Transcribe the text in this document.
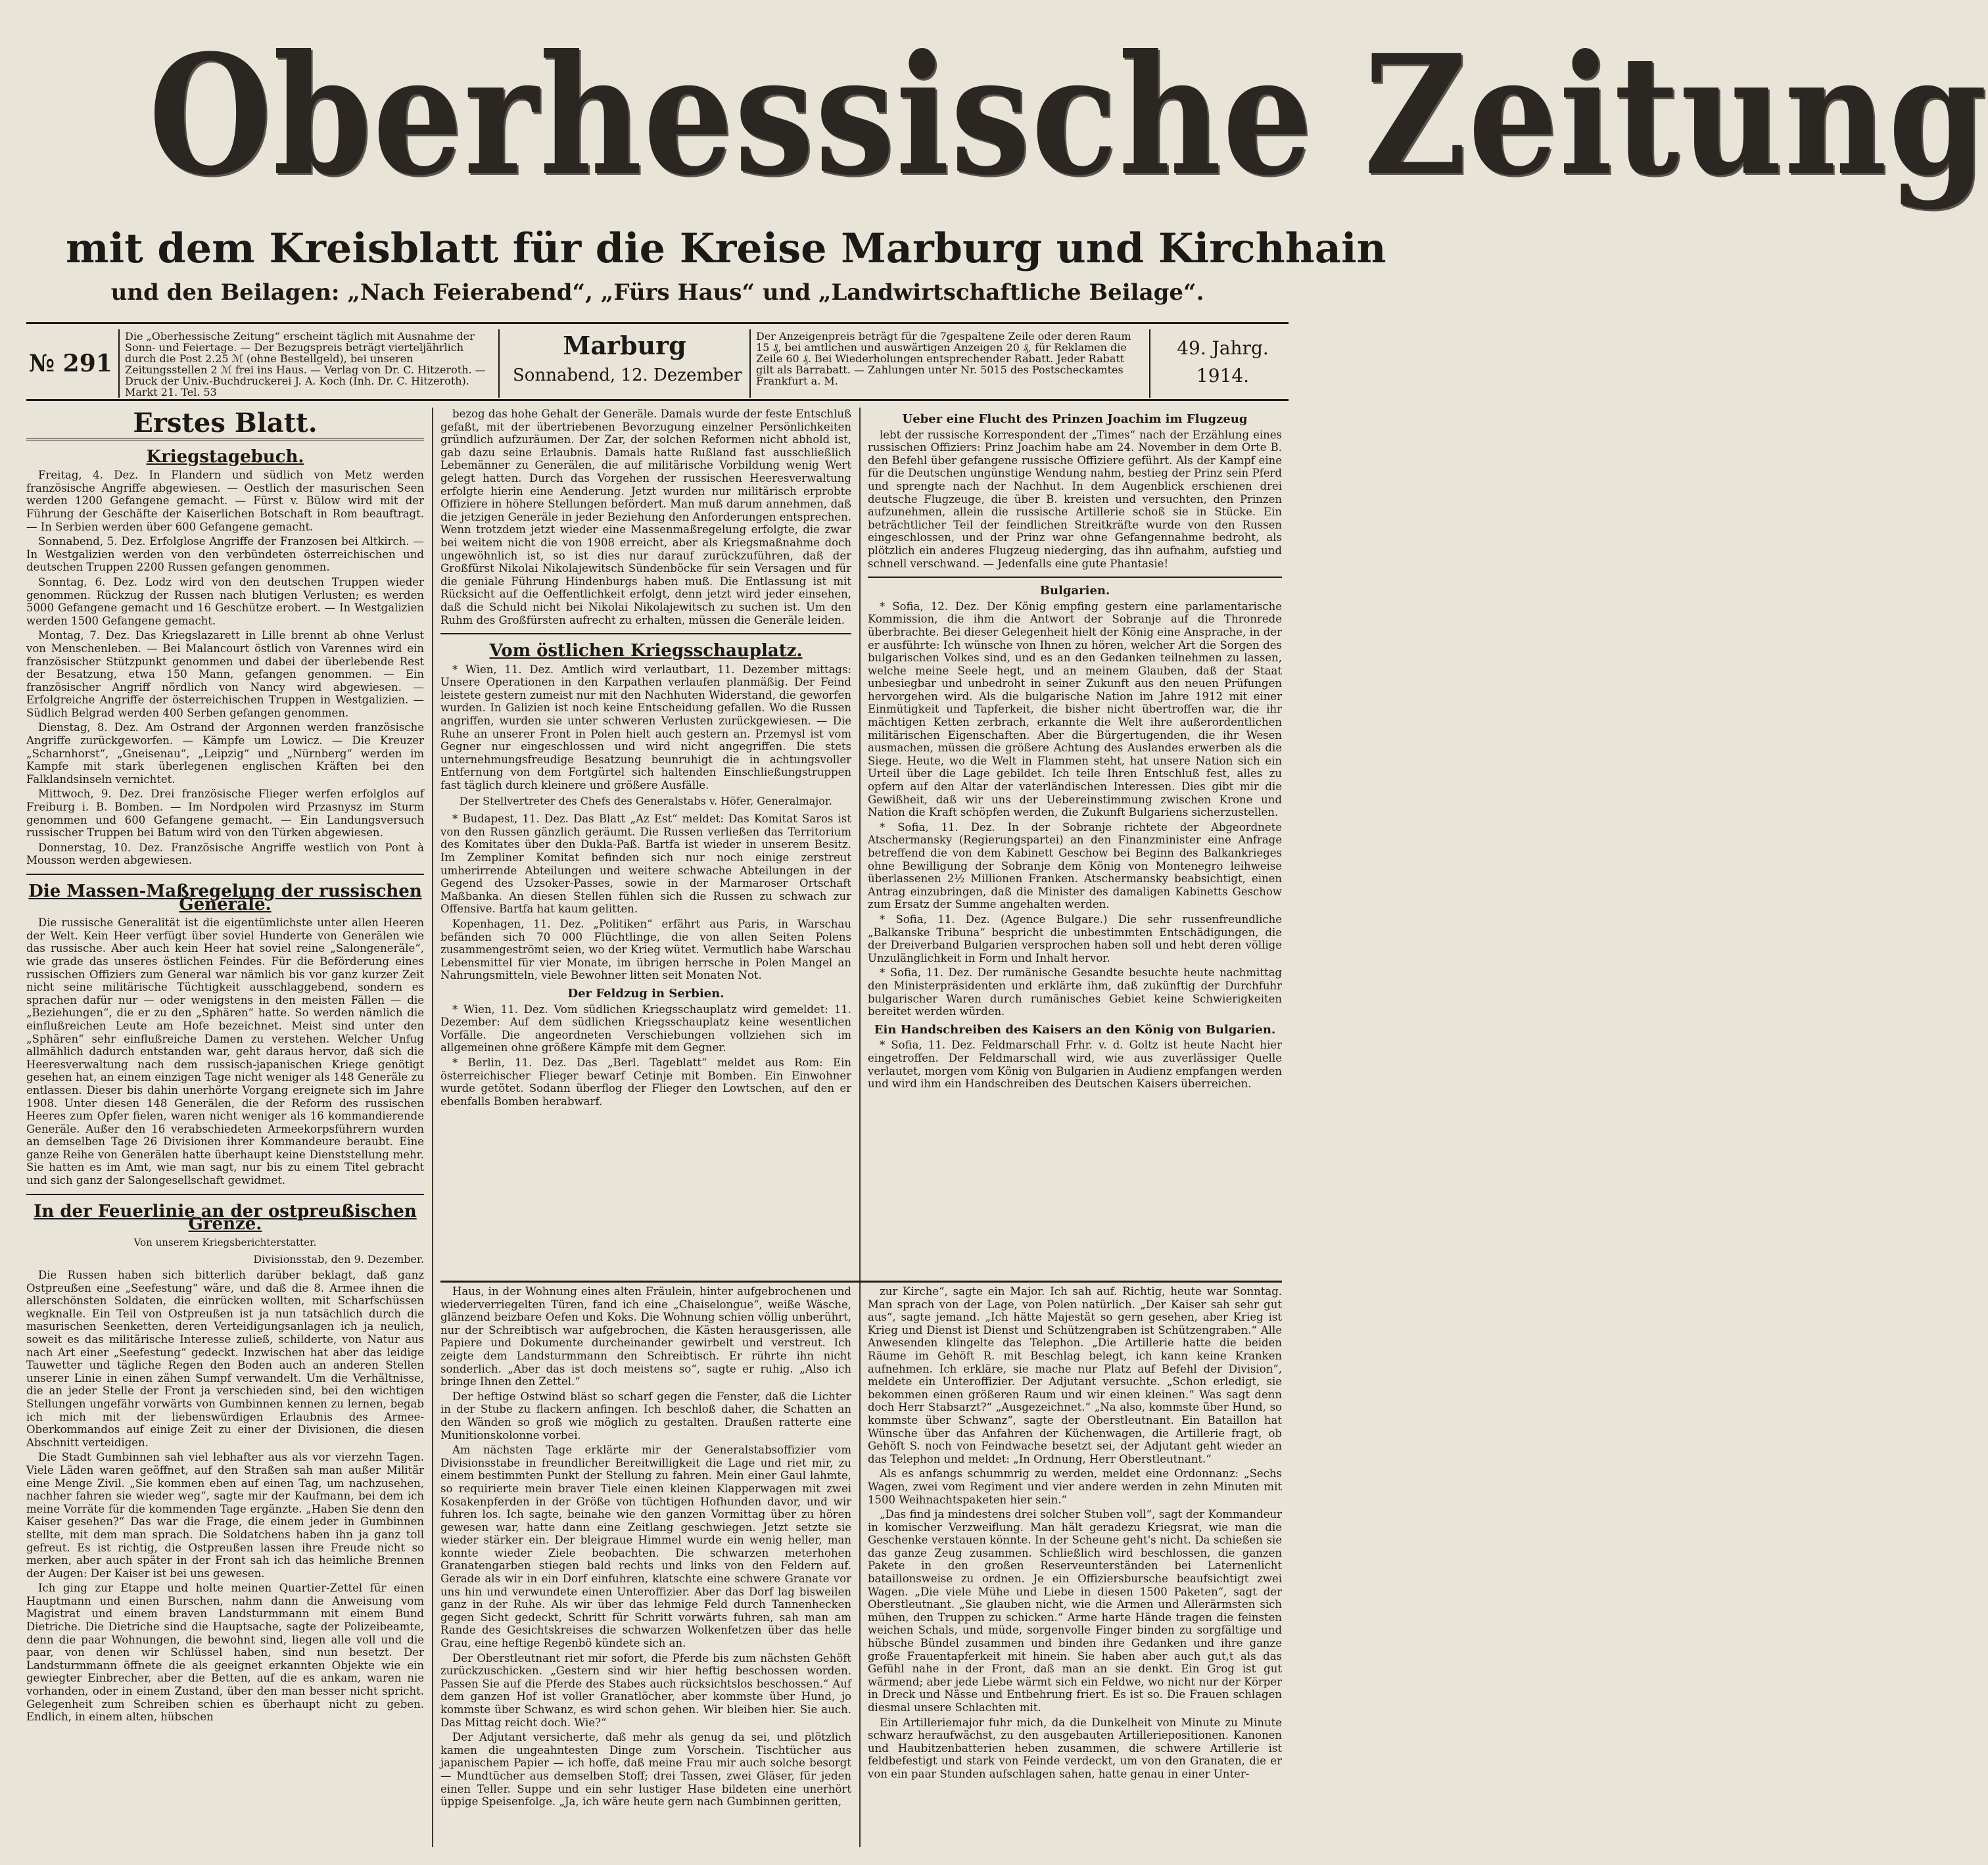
Oberhessische Zeitung
mit dem Kreisblatt für die Kreise Marburg und Kirchhain
und den Beilagen: „Nach Feierabend“, „Fürs Haus“ und „Landwirtschaftliche Beilage“.
№ 291
Die „Oberhessische Zeitung“ erscheint täglich mit Ausnahme der Sonn- und Feiertage. — Der Bezugspreis beträgt vierteljährlich durch die Post 2.25 ℳ (ohne Bestellgeld), bei unseren Zeitungsstellen 2 ℳ frei ins Haus. — Verlag von Dr. C. Hitzeroth. — Druck der Univ.-Buchdruckerei J. A. Koch (Inh. Dr. C. Hitzeroth). Markt 21. Tel. 53
Marburg
Sonnabend, 12. Dezember
Der Anzeigenpreis beträgt für die 7gespaltene Zeile oder deren Raum 15 ₰, bei amtlichen und auswärtigen Anzeigen 20 ₰, für Reklamen die Zeile 60 ₰. Bei Wiederholungen entsprechender Rabatt. Jeder Rabatt gilt als Barrabatt. — Zahlungen unter Nr. 5015 des Postscheckamtes Frankfurt a. M.
49. Jahrg.
1914.
Erstes Blatt.
Kriegstagebuch.

Freitag, 4. Dez. In Flandern und südlich von Metz werden französische Angriffe abgewiesen. — Oestlich der masurischen Seen werden 1200 Gefangene gemacht. — Fürst v. Bülow wird mit der Führung der Geschäfte der Kaiserlichen Botschaft in Rom beauftragt. — In Serbien werden über 600 Gefangene gemacht.

Sonnabend, 5. Dez. Erfolglose Angriffe der Franzosen bei Altkirch. — In Westgalizien werden von den verbündeten österreichischen und deutschen Truppen 2200 Russen gefangen genommen.

Sonntag, 6. Dez. Lodz wird von den deutschen Truppen wieder genommen. Rückzug der Russen nach blutigen Verlusten; es werden 5000 Gefangene gemacht und 16 Geschütze erobert. — In Westgalizien werden 1500 Gefangene gemacht.

Montag, 7. Dez. Das Kriegslazarett in Lille brennt ab ohne Verlust von Menschenleben. — Bei Malancourt östlich von Varennes wird ein französischer Stützpunkt genommen und dabei der überlebende Rest der Besatzung, etwa 150 Mann, gefangen genommen. — Ein französischer Angriff nördlich von Nancy wird abgewiesen. — Erfolgreiche Angriffe der österreichischen Truppen in Westgalizien. — Südlich Belgrad werden 400 Serben gefangen genommen.

Dienstag, 8. Dez. Am Ostrand der Argonnen werden französische Angriffe zurückgeworfen. — Kämpfe um Lowicz. — Die Kreuzer „Scharnhorst“, „Gneisenau“, „Leipzig“ und „Nürnberg“ werden im Kampfe mit stark überlegenen englischen Kräften bei den Falklandsinseln vernichtet.

Mittwoch, 9. Dez. Drei französische Flieger werfen erfolglos auf Freiburg i. B. Bomben. — Im Nordpolen wird Przasnysz im Sturm genommen und 600 Gefangene gemacht. — Ein Landungsversuch russischer Truppen bei Batum wird von den Türken abgewiesen.

Donnerstag, 10. Dez. Französische Angriffe westlich von Pont à Mousson werden abgewiesen.

Die Massen-Maßregelung der russischen Generäle.

Die russische Generalität ist die eigentümlichste unter allen Heeren der Welt. Kein Heer verfügt über soviel Hunderte von Generälen wie das russische. Aber auch kein Heer hat soviel reine „Salongeneräle“, wie grade das unseres östlichen Feindes. Für die Beförderung eines russischen Offiziers zum General war nämlich bis vor ganz kurzer Zeit nicht seine militärische Tüchtigkeit ausschlaggebend, sondern es sprachen dafür nur — oder wenigstens in den meisten Fällen — die „Beziehungen“, die er zu den „Sphären“ hatte. So werden nämlich die einflußreichen Leute am Hofe bezeichnet. Meist sind unter den „Sphären“ sehr einflußreiche Damen zu verstehen. Welcher Unfug allmählich dadurch entstanden war, geht daraus hervor, daß sich die Heeresverwaltung nach dem russisch-japanischen Kriege genötigt gesehen hat, an einem einzigen Tage nicht weniger als 148 Generäle zu entlassen. Dieser bis dahin unerhörte Vorgang ereignete sich im Jahre 1908. Unter diesen 148 Generälen, die der Reform des russischen Heeres zum Opfer fielen, waren nicht weniger als 16 kommandierende Generäle. Außer den 16 verabschiedeten Armeekorpsführern wurden an demselben Tage 26 Divisionen ihrer Kommandeure beraubt. Eine ganze Reihe von Generälen hatte überhaupt keine Dienststellung mehr. Sie hatten es im Amt, wie man sagt, nur bis zu einem Titel gebracht und sich ganz der Salongesellschaft gewidmet.

In der Feuerlinie an der ostpreußischen Grenze.
Von unserem Kriegsberichterstatter.
Divisionsstab, den 9. Dezember.

Die Russen haben sich bitterlich darüber beklagt, daß ganz Ostpreußen eine „Seefestung“ wäre, und daß die 8. Armee ihnen die allerschönsten Soldaten, die einrücken wollten, mit Scharfschüssen wegknalle. Ein Teil von Ostpreußen ist ja nun tatsächlich durch die masurischen Seenketten, deren Verteidigungsanlagen ich ja neulich, soweit es das militärische Interesse zuließ, schilderte, von Natur aus nach Art einer „Seefestung“ gedeckt. Inzwischen hat aber das leidige Tauwetter und tägliche Regen den Boden auch an anderen Stellen unserer Linie in einen zähen Sumpf verwandelt. Um die Verhältnisse, die an jeder Stelle der Front ja verschieden sind, bei den wichtigen Stellungen ungefähr vorwärts von Gumbinnen kennen zu lernen, begab ich mich mit der liebenswürdigen Erlaubnis des Armee-Oberkommandos auf einige Zeit zu einer der Divisionen, die diesen Abschnitt verteidigen.

Die Stadt Gumbinnen sah viel lebhafter aus als vor vierzehn Tagen. Viele Läden waren geöffnet, auf den Straßen sah man außer Militär eine Menge Zivil. „Sie kommen eben auf einen Tag, um nachzusehen, nachher fahren sie wieder weg“, sagte mir der Kaufmann, bei dem ich meine Vorräte für die kommenden Tage ergänzte. „Haben Sie denn den Kaiser gesehen?“ Das war die Frage, die einem jeder in Gumbinnen stellte, mit dem man sprach. Die Soldatchens haben ihn ja ganz toll gefreut. Es ist richtig, die Ostpreußen lassen ihre Freude nicht so merken, aber auch später in der Front sah ich das heimliche Brennen der Augen: Der Kaiser ist bei uns gewesen.

Ich ging zur Etappe und holte meinen Quartier-Zettel für einen Hauptmann und einen Burschen, nahm dann die Anweisung vom Magistrat und einem braven Landsturmmann mit einem Bund Dietriche. Die Dietriche sind die Hauptsache, sagte der Polizeibeamte, denn die paar Wohnungen, die bewohnt sind, liegen alle voll und die paar, von denen wir Schlüssel haben, sind nun besetzt. Der Landsturmmann öffnete die als geeignet erkannten Objekte wie ein gewiegter Einbrecher, aber die Betten, auf die es ankam, waren nie vorhanden, oder in einem Zustand, über den man besser nicht spricht. Gelegenheit zum Schreiben schien es überhaupt nicht zu geben. Endlich, in einem alten, hübschen

bezog das hohe Gehalt der Generäle. Damals wurde der feste Entschluß gefaßt, mit der übertriebenen Bevorzugung einzelner Persönlichkeiten gründlich aufzuräumen. Der Zar, der solchen Reformen nicht abhold ist, gab dazu seine Erlaubnis. Damals hatte Rußland fast ausschließlich Lebemänner zu Generälen, die auf militärische Vorbildung wenig Wert gelegt hatten. Durch das Vorgehen der russischen Heeresverwaltung erfolgte hierin eine Aenderung. Jetzt wurden nur militärisch erprobte Offiziere in höhere Stellungen befördert. Man muß darum annehmen, daß die jetzigen Generäle in jeder Beziehung den Anforderungen entsprechen. Wenn trotzdem jetzt wieder eine Massenmaßregelung erfolgte, die zwar bei weitem nicht die von 1908 erreicht, aber als Kriegsmaßnahme doch ungewöhnlich ist, so ist dies nur darauf zurückzuführen, daß der Großfürst Nikolai Nikolajewitsch Sündenböcke für sein Versagen und für die geniale Führung Hindenburgs haben muß. Die Entlassung ist mit Rücksicht auf die Oeffentlichkeit erfolgt, denn jetzt wird jeder einsehen, daß die Schuld nicht bei Nikolai Nikolajewitsch zu suchen ist. Um den Ruhm des Großfürsten aufrecht zu erhalten, müssen die Generäle leiden.

Vom östlichen Kriegsschauplatz.

* Wien, 11. Dez. Amtlich wird verlautbart, 11. Dezember mittags: Unsere Operationen in den Karpathen verlaufen planmäßig. Der Feind leistete gestern zumeist nur mit den Nachhuten Widerstand, die geworfen wurden. In Galizien ist noch keine Entscheidung gefallen. Wo die Russen angriffen, wurden sie unter schweren Verlusten zurückgewiesen. — Die Ruhe an unserer Front in Polen hielt auch gestern an. Przemysl ist vom Gegner nur eingeschlossen und wird nicht angegriffen. Die stets unternehmungsfreudige Besatzung beunruhigt die in achtungsvoller Entfernung von dem Fortgürtel sich haltenden Einschließungstruppen fast täglich durch kleinere und größere Ausfälle.

Der Stellvertreter des Chefs des Generalstabs v. Höfer, Generalmajor.

* Budapest, 11. Dez. Das Blatt „Az Est“ meldet: Das Komitat Saros ist von den Russen gänzlich geräumt. Die Russen verließen das Territorium des Komitates über den Dukla-Paß. Bartfa ist wieder in unserem Besitz. Im Zempliner Komitat befinden sich nur noch einige zerstreut umherirrende Abteilungen und weitere schwache Abteilungen in der Gegend des Uzsoker-Passes, sowie in der Marmaroser Ortschaft Maßbanka. An diesen Stellen fühlen sich die Russen zu schwach zur Offensive. Bartfa hat kaum gelitten.

Kopenhagen, 11. Dez. „Politiken“ erfährt aus Paris, in Warschau befänden sich 70 000 Flüchtlinge, die von allen Seiten Polens zusammengeströmt seien, wo der Krieg wütet. Vermutlich habe Warschau Lebensmittel für vier Monate, im übrigen herrsche in Polen Mangel an Nahrungsmitteln, viele Bewohner litten seit Monaten Not.

Der Feldzug in Serbien.

* Wien, 11. Dez. Vom südlichen Kriegsschauplatz wird gemeldet: 11. Dezember: Auf dem südlichen Kriegsschauplatz keine wesentlichen Vorfälle. Die angeordneten Verschiebungen vollziehen sich im allgemeinen ohne größere Kämpfe mit dem Gegner.

* Berlin, 11. Dez. Das „Berl. Tageblatt“ meldet aus Rom: Ein österreichischer Flieger bewarf Cetinje mit Bomben. Ein Einwohner wurde getötet. Sodann überflog der Flieger den Lowtschen, auf den er ebenfalls Bomben herabwarf.

Ueber eine Flucht des Prinzen Joachim im Flugzeug

lebt der russische Korrespondent der „Times“ nach der Erzählung eines russischen Offiziers: Prinz Joachim habe am 24. November in dem Orte B. den Befehl über gefangene russische Offiziere geführt. Als der Kampf eine für die Deutschen ungünstige Wendung nahm, bestieg der Prinz sein Pferd und sprengte nach der Nachhut. In dem Augenblick erschienen drei deutsche Flugzeuge, die über B. kreisten und versuchten, den Prinzen aufzunehmen, allein die russische Artillerie schoß sie in Stücke. Ein beträchtlicher Teil der feindlichen Streitkräfte wurde von den Russen eingeschlossen, und der Prinz war ohne Gefangennahme bedroht, als plötzlich ein anderes Flugzeug niederging, das ihn aufnahm, aufstieg und schnell verschwand. — Jedenfalls eine gute Phantasie!

Bulgarien.

* Sofia, 12. Dez. Der König empfing gestern eine parlamentarische Kommission, die ihm die Antwort der Sobranje auf die Thronrede überbrachte. Bei dieser Gelegenheit hielt der König eine Ansprache, in der er ausführte: Ich wünsche von Ihnen zu hören, welcher Art die Sorgen des bulgarischen Volkes sind, und es an den Gedanken teilnehmen zu lassen, welche meine Seele hegt, und an meinem Glauben, daß der Staat unbesiegbar und unbedroht in seiner Zukunft aus den neuen Prüfungen hervorgehen wird. Als die bulgarische Nation im Jahre 1912 mit einer Einmütigkeit und Tapferkeit, die bisher nicht übertroffen war, die ihr mächtigen Ketten zerbrach, erkannte die Welt ihre außerordentlichen militärischen Eigenschaften. Aber die Bürgertugenden, die ihr Wesen ausmachen, müssen die größere Achtung des Auslandes erwerben als die Siege. Heute, wo die Welt in Flammen steht, hat unsere Nation sich ein Urteil über die Lage gebildet. Ich teile Ihren Entschluß fest, alles zu opfern auf den Altar der vaterländischen Interessen. Dies gibt mir die Gewißheit, daß wir uns der Uebereinstimmung zwischen Krone und Nation die Kraft schöpfen werden, die Zukunft Bulgariens sicherzustellen.

* Sofia, 11. Dez. In der Sobranje richtete der Abgeordnete Atschermansky (Regierungspartei) an den Finanzminister eine Anfrage betreffend die von dem Kabinett Geschow bei Beginn des Balkankrieges ohne Bewilligung der Sobranje dem König von Montenegro leihweise überlassenen 2½ Millionen Franken. Atschermansky beabsichtigt, einen Antrag einzubringen, daß die Minister des damaligen Kabinetts Geschow zum Ersatz der Summe angehalten werden.

* Sofia, 11. Dez. (Agence Bulgare.) Die sehr russenfreundliche „Balkanske Tribuna“ bespricht die unbestimmten Entschädigungen, die der Dreiverband Bulgarien versprochen haben soll und hebt deren völlige Unzulänglichkeit in Form und Inhalt hervor.

* Sofia, 11. Dez. Der rumänische Gesandte besuchte heute nachmittag den Ministerpräsidenten und erklärte ihm, daß zukünftig der Durchfuhr bulgarischer Waren durch rumänisches Gebiet keine Schwierigkeiten bereitet werden würden.

Ein Handschreiben des Kaisers an den König von Bulgarien.

* Sofia, 11. Dez. Feldmarschall Frhr. v. d. Goltz ist heute Nacht hier eingetroffen. Der Feldmarschall wird, wie aus zuverlässiger Quelle verlautet, morgen vom König von Bulgarien in Audienz empfangen werden und wird ihm ein Handschreiben des Deutschen Kaisers überreichen.

Haus, in der Wohnung eines alten Fräulein, hinter aufgebrochenen und wiederverriegelten Türen, fand ich eine „Chaiselongue“, weiße Wäsche, glänzend beizbare Oefen und Koks. Die Wohnung schien völlig unberührt, nur der Schreibtisch war aufgebrochen, die Kästen herausgerissen, alle Papiere und Dokumente durcheinander gewirbelt und verstreut. Ich zeigte dem Landsturmmann den Schreibtisch. Er rührte ihn nicht sonderlich. „Aber das ist doch meistens so“, sagte er ruhig. „Also ich bringe Ihnen den Zettel.“

Der heftige Ostwind bläst so scharf gegen die Fenster, daß die Lichter in der Stube zu flackern anfingen. Ich beschloß daher, die Schatten an den Wänden so groß wie möglich zu gestalten. Draußen ratterte eine Munitionskolonne vorbei.

Am nächsten Tage erklärte mir der Generalstabsoffizier vom Divisionsstabe in freundlicher Bereitwilligkeit die Lage und riet mir, zu einem bestimmten Punkt der Stellung zu fahren. Mein einer Gaul lahmte, so requirierte mein braver Tiele einen kleinen Klapperwagen mit zwei Kosakenpferden in der Größe von tüchtigen Hofhunden davor, und wir fuhren los. Ich sagte, beinahe wie den ganzen Vormittag über zu hören gewesen war, hatte dann eine Zeitlang geschwiegen. Jetzt setzte sie wieder stärker ein. Der bleigraue Himmel wurde ein wenig heller, man konnte wieder Ziele beobachten. Die schwarzen meterhohen Granatengarben stiegen bald rechts und links von den Feldern auf. Gerade als wir in ein Dorf einfuhren, klatschte eine schwere Granate vor uns hin und verwundete einen Unteroffizier. Aber das Dorf lag bisweilen ganz in der Ruhe. Als wir über das lehmige Feld durch Tannenhecken gegen Sicht gedeckt, Schritt für Schritt vorwärts fuhren, sah man am Rande des Gesichtskreises die schwarzen Wolkenfetzen über das helle Grau, eine heftige Regenbö kündete sich an.

Der Oberstleutnant riet mir sofort, die Pferde bis zum nächsten Gehöft zurückzuschicken. „Gestern sind wir hier heftig beschossen worden. Passen Sie auf die Pferde des Stabes auch rücksichtslos beschossen.“ Auf dem ganzen Hof ist voller Granatlöcher, aber kommste über Hund, jo kommste über Schwanz, es wird schon gehen. Wir bleiben hier. Sie auch. Das Mittag reicht doch. Wie?“

Der Adjutant versicherte, daß mehr als genug da sei, und plötzlich kamen die ungeahntesten Dinge zum Vorschein. Tischtücher aus japanischem Papier — ich hoffe, daß meine Frau mir auch solche besorgt — Mundtücher aus demselben Stoff; drei Tassen, zwei Gläser, für jeden einen Teller. Suppe und ein sehr lustiger Hase bildeten eine unerhört üppige Speisenfolge. „Ja, ich wäre heute gern nach Gumbinnen geritten,

zur Kirche“, sagte ein Major. Ich sah auf. Richtig, heute war Sonntag. Man sprach von der Lage, von Polen natürlich. „Der Kaiser sah sehr gut aus“, sagte jemand. „Ich hätte Majestät so gern gesehen, aber Krieg ist Krieg und Dienst ist Dienst und Schützengraben ist Schützengraben.“ Alle Anwesenden klingelte das Telephon. „Die Artillerie hatte die beiden Räume im Gehöft R. mit Beschlag belegt, ich kann keine Kranken aufnehmen. Ich erkläre, sie mache nur Platz auf Befehl der Division“, meldete ein Unteroffizier. Der Adjutant versuchte. „Schon erledigt, sie bekommen einen größeren Raum und wir einen kleinen.“ Was sagt denn doch Herr Stabsarzt?“ „Ausgezeichnet.“ „Na also, kommste über Hund, so kommste über Schwanz“, sagte der Oberstleutnant. Ein Bataillon hat Wünsche über das Anfahren der Küchenwagen, die Artillerie fragt, ob Gehöft S. noch von Feindwache besetzt sei, der Adjutant geht wieder an das Telephon und meldet: „In Ordnung, Herr Oberstleutnant.“

Als es anfangs schummrig zu werden, meldet eine Ordonnanz: „Sechs Wagen, zwei vom Regiment und vier andere werden in zehn Minuten mit 1500 Weihnachtspaketen hier sein.“

„Das find ja mindestens drei solcher Stuben voll“, sagt der Kommandeur in komischer Verzweiflung. Man hält geradezu Kriegsrat, wie man die Geschenke verstauen könnte. In der Scheune geht's nicht. Da schießen sie das ganze Zeug zusammen. Schließlich wird beschlossen, die ganzen Pakete in den großen Reserveunterständen bei Laternenlicht bataillonsweise zu ordnen. Je ein Offiziersbursche beaufsichtigt zwei Wagen. „Die viele Mühe und Liebe in diesen 1500 Paketen“, sagt der Oberstleutnant. „Sie glauben nicht, wie die Armen und Allerärmsten sich mühen, den Truppen zu schicken.“ Arme harte Hände tragen die feinsten weichen Schals, und müde, sorgenvolle Finger binden zu sorgfältige und hübsche Bündel zusammen und binden ihre Gedanken und ihre ganze große Frauentapferkeit mit hinein. Sie haben aber auch gut,t als das Gefühl nahe in der Front, daß man an sie denkt. Ein Grog ist gut wärmend; aber jede Liebe wärmt sich ein Feldwe, wo nicht nur der Körper in Dreck und Nässe und Entbehrung friert. Es ist so. Die Frauen schlagen diesmal unsere Schlachten mit.

Ein Artilleriemajor fuhr mich, da die Dunkelheit von Minute zu Minute schwarz heraufwächst, zu den ausgebauten Artilleriepositionen. Kanonen und Haubitzenbatterien heben zusammen, die schwere Artillerie ist feldbefestigt und stark von Feinde verdeckt, um von den Granaten, die er von ein paar Stunden aufschlagen sahen, hatte genau in einer Unter-
